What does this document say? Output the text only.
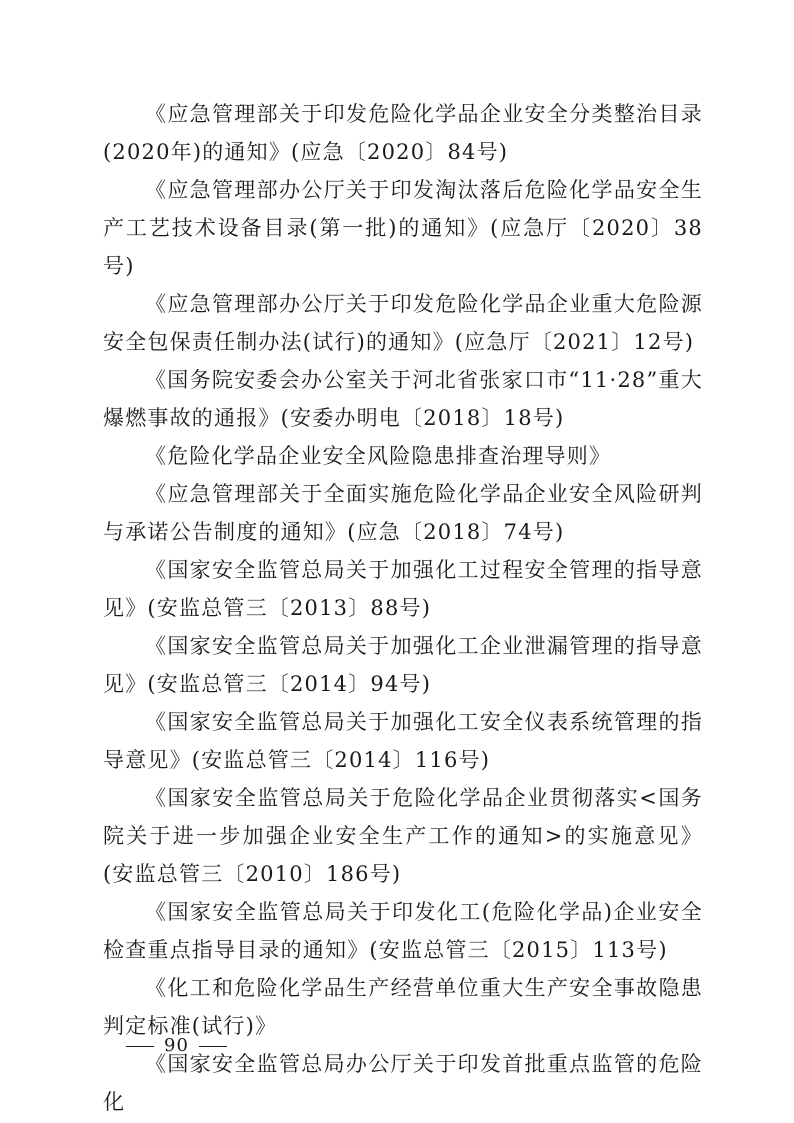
《应急管理部关于印发危险化学品企业安全分类整治目录(2020年)的通知》(应急〔2020〕84号)

《应急管理部办公厅关于印发淘汰落后危险化学品安全生产工艺技术设备目录(第一批)的通知》(应急厅〔2020〕38号)

《应急管理部办公厅关于印发危险化学品企业重大危险源安全包保责任制办法(试行)的通知》(应急厅〔2021〕12号)

《国务院安委会办公室关于河北省张家口市“11·28”重大爆燃事故的通报》(安委办明电〔2018〕18号)

《危险化学品企业安全风险隐患排查治理导则》

《应急管理部关于全面实施危险化学品企业安全风险研判与承诺公告制度的通知》(应急〔2018〕74号)

《国家安全监管总局关于加强化工过程安全管理的指导意见》(安监总管三〔2013〕88号)

《国家安全监管总局关于加强化工企业泄漏管理的指导意见》(安监总管三〔2014〕94号)

《国家安全监管总局关于加强化工安全仪表系统管理的指导意见》(安监总管三〔2014〕116号)

《国家安全监管总局关于危险化学品企业贯彻落实<国务院关于进一步加强企业安全生产工作的通知>的实施意见》(安监总管三〔2010〕186号)

《国家安全监管总局关于印发化工(危险化学品)企业安全检查重点指导目录的通知》(安监总管三〔2015〕113号)

《化工和危险化学品生产经营单位重大生产安全事故隐患判定标准(试行)》

《国家安全监管总局办公厅关于印发首批重点监管的危险化

90
